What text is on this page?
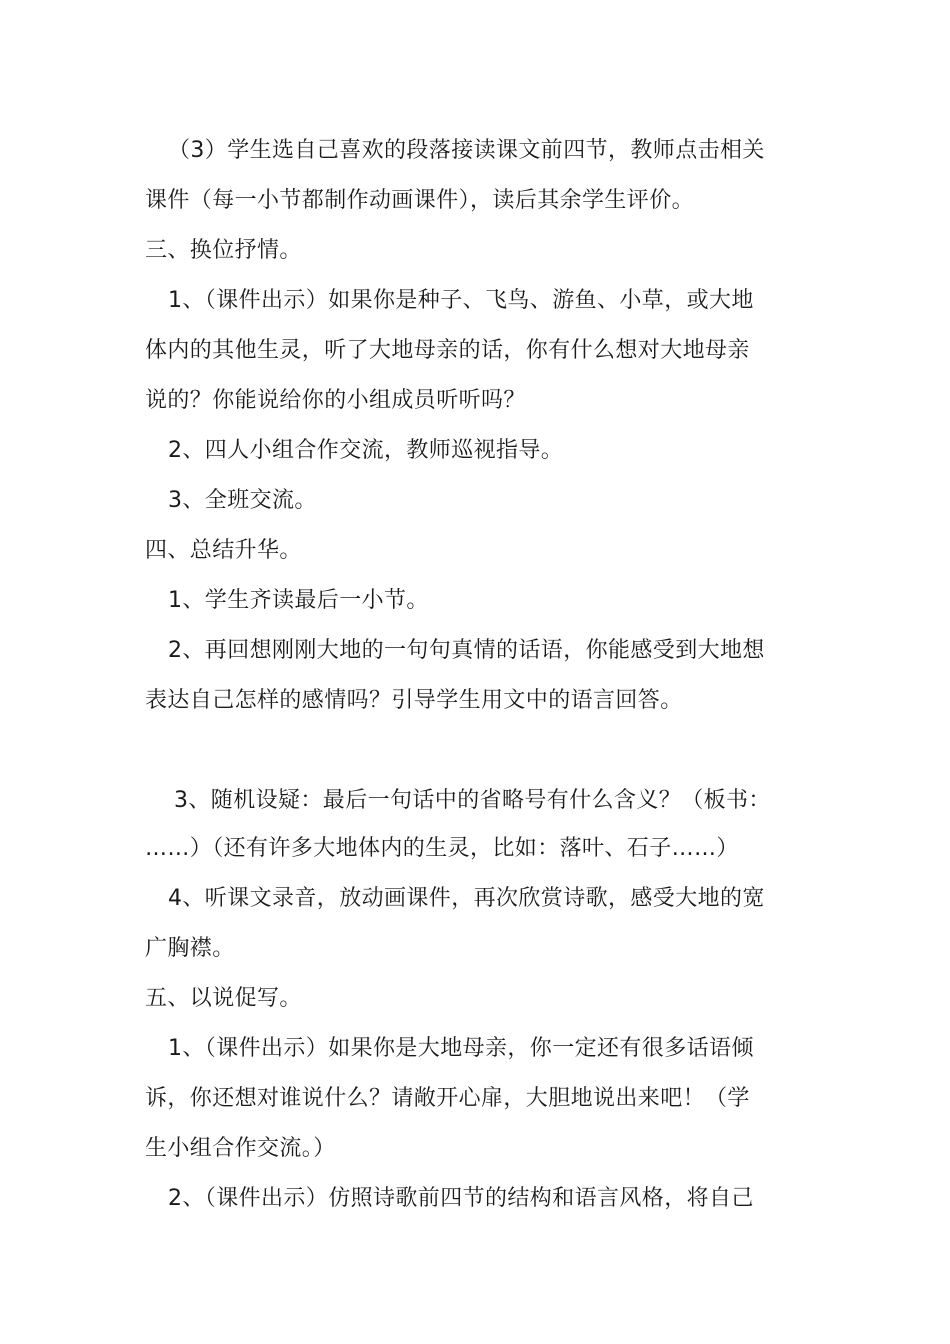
（3）学生选自己喜欢的段落接读课文前四节，教师点击相关
课件（每一小节都制作动画课件），读后其余学生评价。
三、换位抒情。
1、（课件出示）如果你是种子、飞鸟、游鱼、小草，或大地
体内的其他生灵，听了大地母亲的话，你有什么想对大地母亲
说的？你能说给你的小组成员听听吗？
2、四人小组合作交流，教师巡视指导。
3、全班交流。
四、总结升华。
1、学生齐读最后一小节。
2、再回想刚刚大地的一句句真情的话语，你能感受到大地想
表达自己怎样的感情吗？引导学生用文中的语言回答。
3、随机设疑：最后一句话中的省略号有什么含义？（板书：
……）（还有许多大地体内的生灵，比如：落叶、石子……）
4、听课文录音，放动画课件，再次欣赏诗歌，感受大地的宽
广胸襟。
五、以说促写。
1、（课件出示）如果你是大地母亲，你一定还有很多话语倾
诉，你还想对谁说什么？请敞开心扉，大胆地说出来吧！（学
生小组合作交流。）
2、（课件出示）仿照诗歌前四节的结构和语言风格，将自己
